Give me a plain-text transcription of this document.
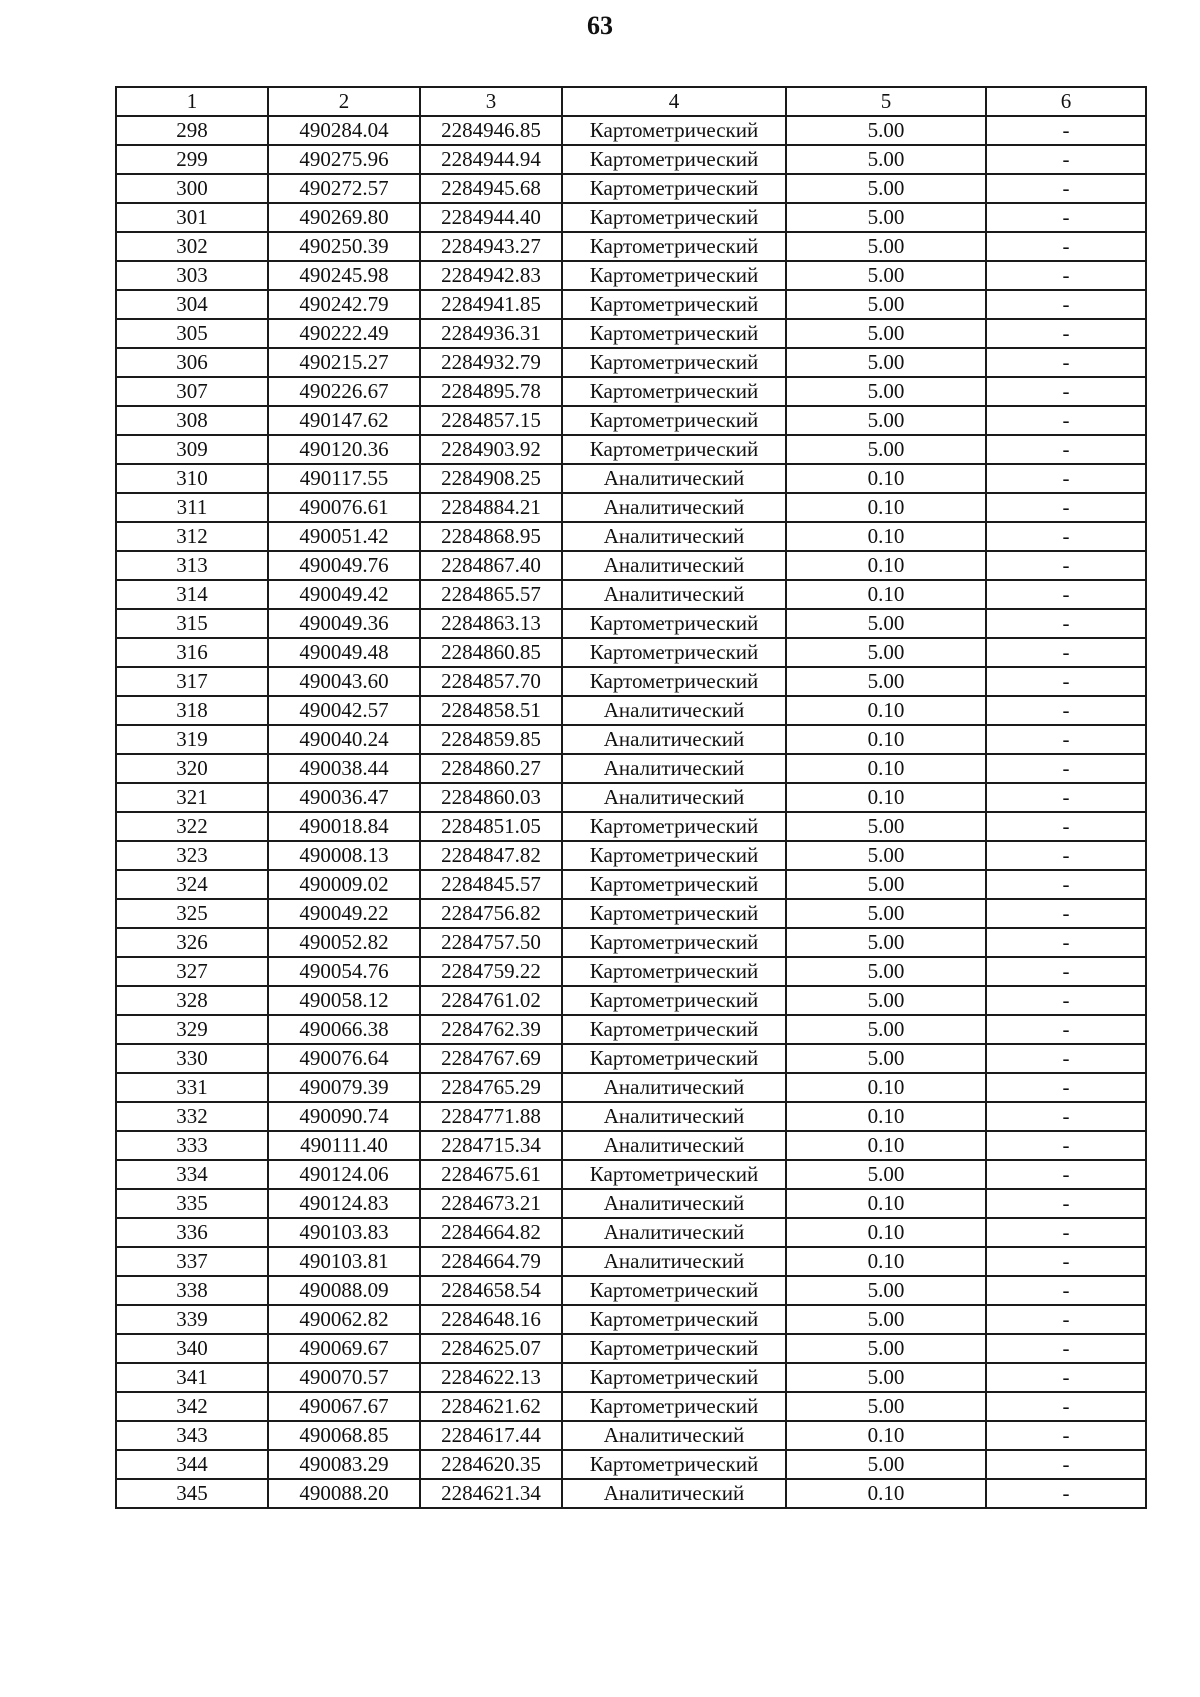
63
1	2	3	4	5	6
298	490284.04	2284946.85	Картометрический	5.00	-
299	490275.96	2284944.94	Картометрический	5.00	-
300	490272.57	2284945.68	Картометрический	5.00	-
301	490269.80	2284944.40	Картометрический	5.00	-
302	490250.39	2284943.27	Картометрический	5.00	-
303	490245.98	2284942.83	Картометрический	5.00	-
304	490242.79	2284941.85	Картометрический	5.00	-
305	490222.49	2284936.31	Картометрический	5.00	-
306	490215.27	2284932.79	Картометрический	5.00	-
307	490226.67	2284895.78	Картометрический	5.00	-
308	490147.62	2284857.15	Картометрический	5.00	-
309	490120.36	2284903.92	Картометрический	5.00	-
310	490117.55	2284908.25	Аналитический	0.10	-
311	490076.61	2284884.21	Аналитический	0.10	-
312	490051.42	2284868.95	Аналитический	0.10	-
313	490049.76	2284867.40	Аналитический	0.10	-
314	490049.42	2284865.57	Аналитический	0.10	-
315	490049.36	2284863.13	Картометрический	5.00	-
316	490049.48	2284860.85	Картометрический	5.00	-
317	490043.60	2284857.70	Картометрический	5.00	-
318	490042.57	2284858.51	Аналитический	0.10	-
319	490040.24	2284859.85	Аналитический	0.10	-
320	490038.44	2284860.27	Аналитический	0.10	-
321	490036.47	2284860.03	Аналитический	0.10	-
322	490018.84	2284851.05	Картометрический	5.00	-
323	490008.13	2284847.82	Картометрический	5.00	-
324	490009.02	2284845.57	Картометрический	5.00	-
325	490049.22	2284756.82	Картометрический	5.00	-
326	490052.82	2284757.50	Картометрический	5.00	-
327	490054.76	2284759.22	Картометрический	5.00	-
328	490058.12	2284761.02	Картометрический	5.00	-
329	490066.38	2284762.39	Картометрический	5.00	-
330	490076.64	2284767.69	Картометрический	5.00	-
331	490079.39	2284765.29	Аналитический	0.10	-
332	490090.74	2284771.88	Аналитический	0.10	-
333	490111.40	2284715.34	Аналитический	0.10	-
334	490124.06	2284675.61	Картометрический	5.00	-
335	490124.83	2284673.21	Аналитический	0.10	-
336	490103.83	2284664.82	Аналитический	0.10	-
337	490103.81	2284664.79	Аналитический	0.10	-
338	490088.09	2284658.54	Картометрический	5.00	-
339	490062.82	2284648.16	Картометрический	5.00	-
340	490069.67	2284625.07	Картометрический	5.00	-
341	490070.57	2284622.13	Картометрический	5.00	-
342	490067.67	2284621.62	Картометрический	5.00	-
343	490068.85	2284617.44	Аналитический	0.10	-
344	490083.29	2284620.35	Картометрический	5.00	-
345	490088.20	2284621.34	Аналитический	0.10	-
